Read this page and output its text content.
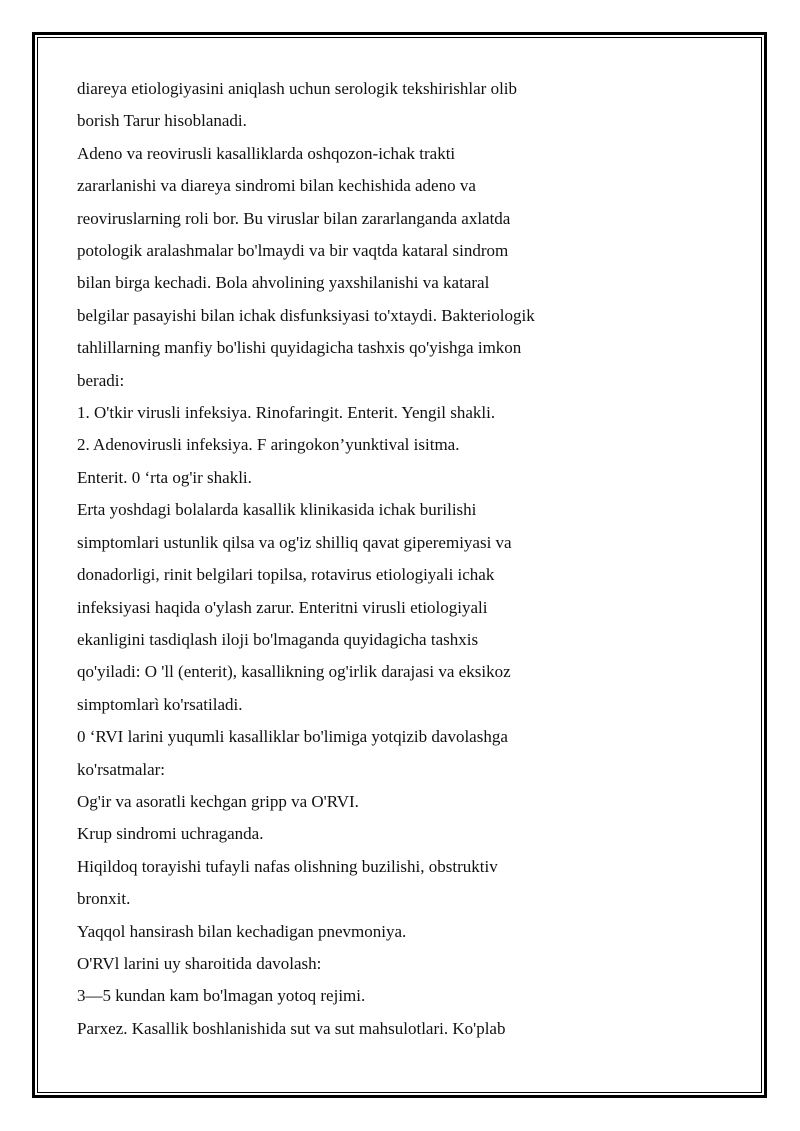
diareya etiologiyasini aniqlash uchun serologik tekshirishlar olib
borish Tarur hisoblanadi.
Adeno va reovirusli kasalliklarda oshqozon-ichak trakti
zararlanishi va diareya sindromi bilan kechishida adeno va
reoviruslarning roli bor. Bu viruslar bilan zararlanganda axlatda
potologik aralashmalar bo'lmaydi va bir vaqtda kataral sindrom
bilan birga kechadi. Bola ahvolining yaxshilanishi va kataral
belgilar pasayishi bilan ichak disfunksiyasi to'xtaydi. Bakteriologik
tahlillarning manfiy bo'lishi quyidagicha tashxis qo'yishga imkon
beradi:
1. O'tkir virusli infeksiya. Rinofaringit. Enterit. Yengil shakli.
2. Adenovirusli infeksiya. F aringokon’yunktival isitma.
Enterit. 0 ‘rta og'ir shakli.
Erta yoshdagi bolalarda kasallik klinikasida ichak burilishi
simptomlari ustunlik qilsa va og'iz shilliq qavat giperemiyasi va
donadorligi, rinit belgilari topilsa, rotavirus etiologiyali ichak
infeksiyasi haqida o'ylash zarur. Enteritni virusli etiologiyali
ekanligini tasdiqlash iloji bo'lmaganda quyidagicha tashxis
qo'yiladi: O 'll (enterit), kasallikning og'irlik darajasi va eksikoz
simptomlarì ko'rsatiladi.
0 ‘RVI larini yuqumli kasalliklar bo'limiga yotqizib davolashga
ko'rsatmalar:
Og'ir va asoratli kechgan gripp va O'RVI.
Krup sindromi uchraganda.
Hiqildoq torayishi tufayli nafas olishning buzilishi, obstruktiv
bronxit.
Yaqqol hansirash bilan kechadigan pnevmoniya.
O'RVl larini uy sharoitida davolash:
3—5 kundan kam bo'lmagan yotoq rejimi.
Parxez. Kasallik boshlanishida sut va sut mahsulotlari. Ko'plab
